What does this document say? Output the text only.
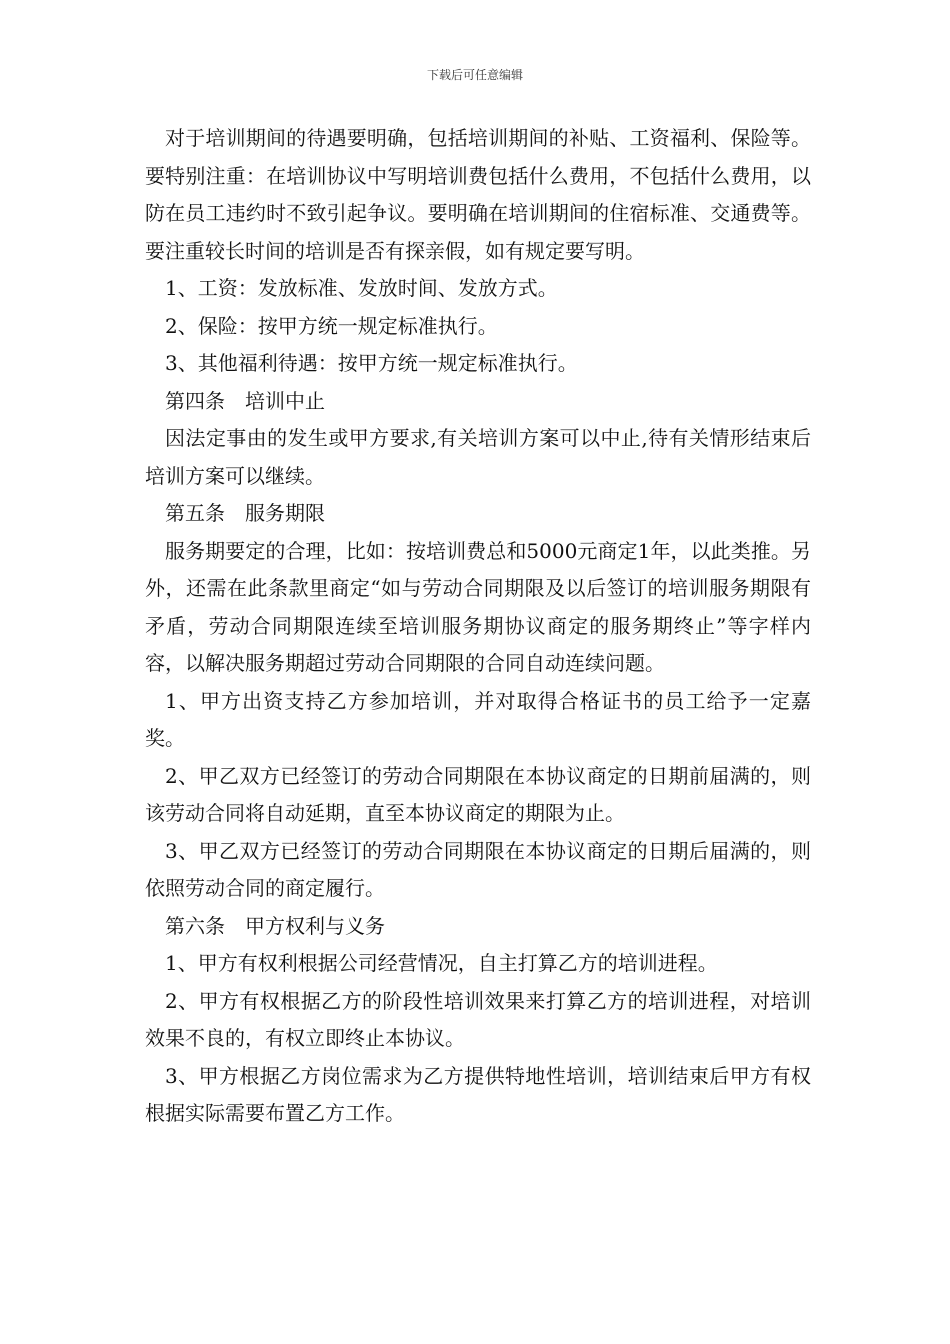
下载后可任意编辑

对于培训期间的待遇要明确，包括培训期间的补贴、工资福利、保险等。要特别注重：在培训协议中写明培训费包括什么费用，不包括什么费用，以防在员工违约时不致引起争议。要明确在培训期间的住宿标准、交通费等。要注重较长时间的培训是否有探亲假，如有规定要写明。

1、工资：发放标准、发放时间、发放方式。

2、保险：按甲方统一规定标准执行。

3、其他福利待遇：按甲方统一规定标准执行。

第四条　培训中止

因法定事由的发生或甲方要求,有关培训方案可以中止,待有关情形结束后培训方案可以继续。

第五条　服务期限

服务期要定的合理，比如：按培训费总和5000元商定1年，以此类推。另外，还需在此条款里商定“如与劳动合同期限及以后签订的培训服务期限有矛盾，劳动合同期限连续至培训服务期协议商定的服务期终止”等字样内容，以解决服务期超过劳动合同期限的合同自动连续问题。

1、甲方出资支持乙方参加培训，并对取得合格证书的员工给予一定嘉奖。

2、甲乙双方已经签订的劳动合同期限在本协议商定的日期前届满的，则该劳动合同将自动延期，直至本协议商定的期限为止。

3、甲乙双方已经签订的劳动合同期限在本协议商定的日期后届满的，则依照劳动合同的商定履行。

第六条　甲方权利与义务

1、甲方有权利根据公司经营情况，自主打算乙方的培训进程。

2、甲方有权根据乙方的阶段性培训效果来打算乙方的培训进程，对培训效果不良的，有权立即终止本协议。

3、甲方根据乙方岗位需求为乙方提供特地性培训，培训结束后甲方有权根据实际需要布置乙方工作。
